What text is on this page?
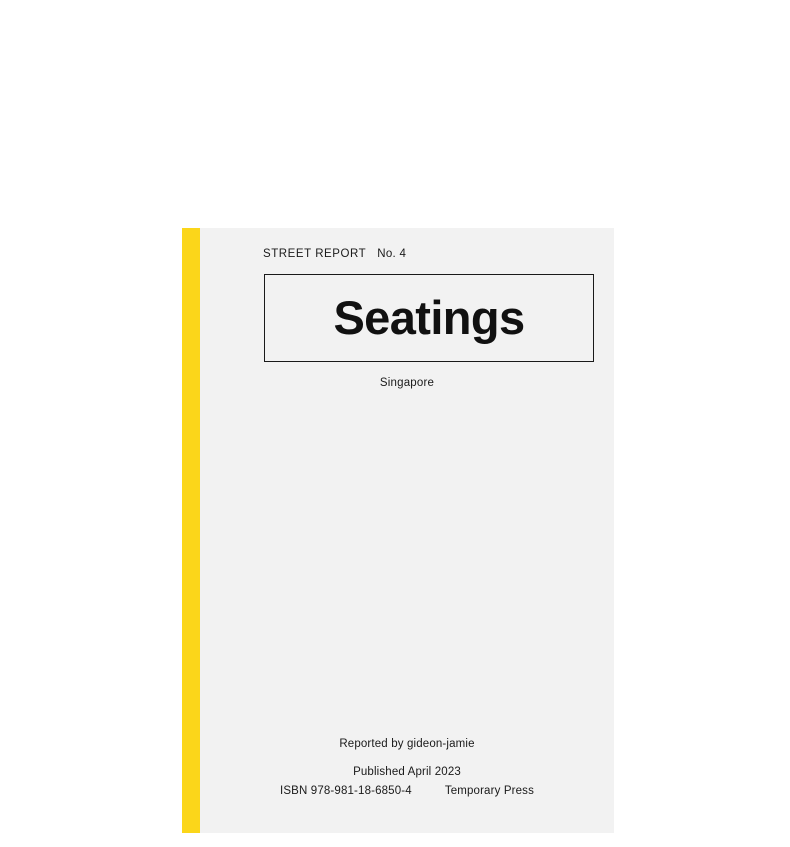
STREET REPORT No. 4
Seatings
Singapore
Reported by gideon-jamie
Published April 2023
ISBN 978-981-18-6850-4	Temporary Press
